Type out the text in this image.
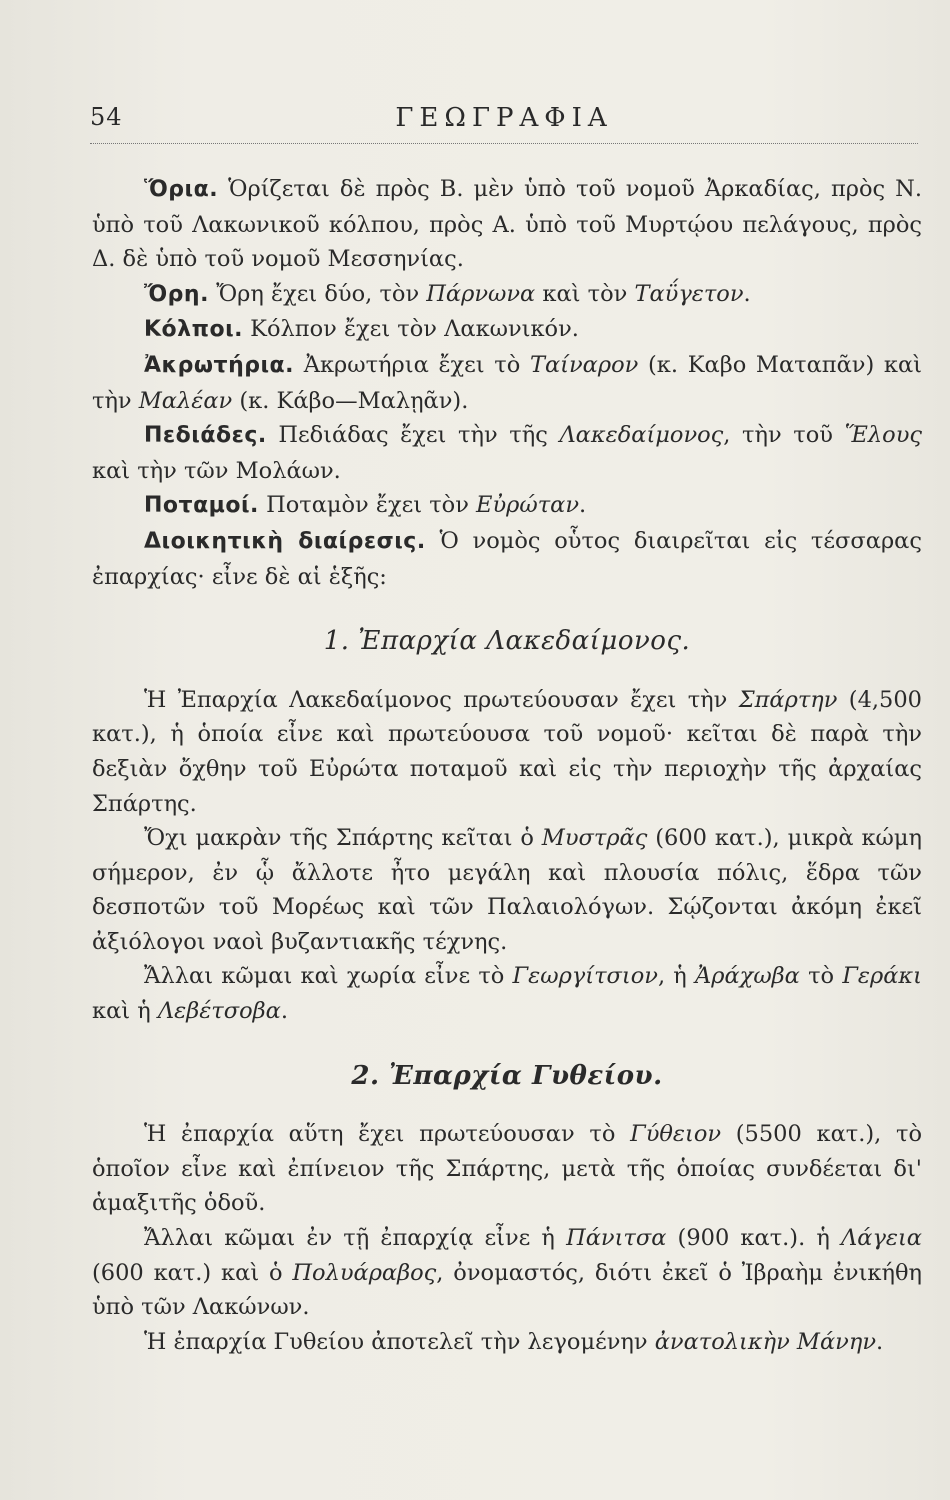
54	ΓΕΩΓΡΑΦΙΑ

Ὅρια. Ὁρίζεται δὲ πρὸς Β. μὲν ὑπὸ τοῦ νομοῦ Ἀρκαδίας, πρὸς Ν. ὑπὸ τοῦ Λακωνικοῦ κόλπου, πρὸς Α. ὑπὸ τοῦ Μυρτῴου πελάγους, πρὸς Δ. δὲ ὑπὸ τοῦ νομοῦ Μεσσηνίας.

Ὄρη. Ὄρη ἔχει δύο, τὸν Πάρνωνα καὶ τὸν Ταΰγετον.

Κόλποι. Κόλπον ἔχει τὸν Λακωνικόν.

Ἀκρωτήρια. Ἀκρωτήρια ἔχει τὸ Ταίναρον (κ. Καβο Ματαπᾶν) καὶ τὴν Μαλέαν (κ. Κάβο—Μαλῃᾶν).

Πεδιάδες. Πεδιάδας ἔχει τὴν τῆς Λακεδαίμονος, τὴν τοῦ Ἕλους καὶ τὴν τῶν Μολάων.

Ποταμοί. Ποταμὸν ἔχει τὸν Εὐρώταν.

Διοικητικὴ διαίρεσις. Ὁ νομὸς οὗτος διαιρεῖται εἰς τέσσαρας ἐπαρχίας· εἶνε δὲ αἱ ἑξῆς:

1. Ἐπαρχία Λακεδαίμονος.

Ἡ Ἐπαρχία Λακεδαίμονος πρωτεύουσαν ἔχει τὴν Σπάρτην (4,500 κατ.), ἡ ὁποία εἶνε καὶ πρωτεύουσα τοῦ νομοῦ· κεῖται δὲ παρὰ τὴν δεξιὰν ὄχθην τοῦ Εὐρώτα ποταμοῦ καὶ εἰς τὴν περιοχὴν τῆς ἀρχαίας Σπάρτης.

Ὄχι μακρὰν τῆς Σπάρτης κεῖται ὁ Μυστρᾶς (600 κατ.), μικρὰ κώμη σήμερον, ἐν ᾧ ἄλλοτε ἦτο μεγάλη καὶ πλουσία πόλις, ἕδρα τῶν δεσποτῶν τοῦ Μορέως καὶ τῶν Παλαιολόγων. Σῴζονται ἀκόμη ἐκεῖ ἀξιόλογοι ναοὶ βυζαντιακῆς τέχνης.

Ἄλλαι κῶμαι καὶ χωρία εἶνε τὸ Γεωργίτσιον, ἡ Ἀράχωβα τὸ Γεράκι καὶ ἡ Λεβέτσοβα.

2. Ἐπαρχία Γυθείου.

Ἡ ἐπαρχία αὕτη ἔχει πρωτεύουσαν τὸ Γύθειον (5500 κατ.), τὸ ὁποῖον εἶνε καὶ ἐπίνειον τῆς Σπάρτης, μετὰ τῆς ὁποίας συνδέεται δι' ἁμαξιτῆς ὁδοῦ.

Ἄλλαι κῶμαι ἐν τῇ ἐπαρχίᾳ εἶνε ἡ Πάνιτσα (900 κατ.). ἡ Λάγεια (600 κατ.) καὶ ὁ Πολυάραβος, ὀνομαστός, διότι ἐκεῖ ὁ Ἰβραὴμ ἐνικήθη ὑπὸ τῶν Λακώνων.

Ἡ ἐπαρχία Γυθείου ἀποτελεῖ τὴν λεγομένην ἀνατολικὴν Μάνην.
